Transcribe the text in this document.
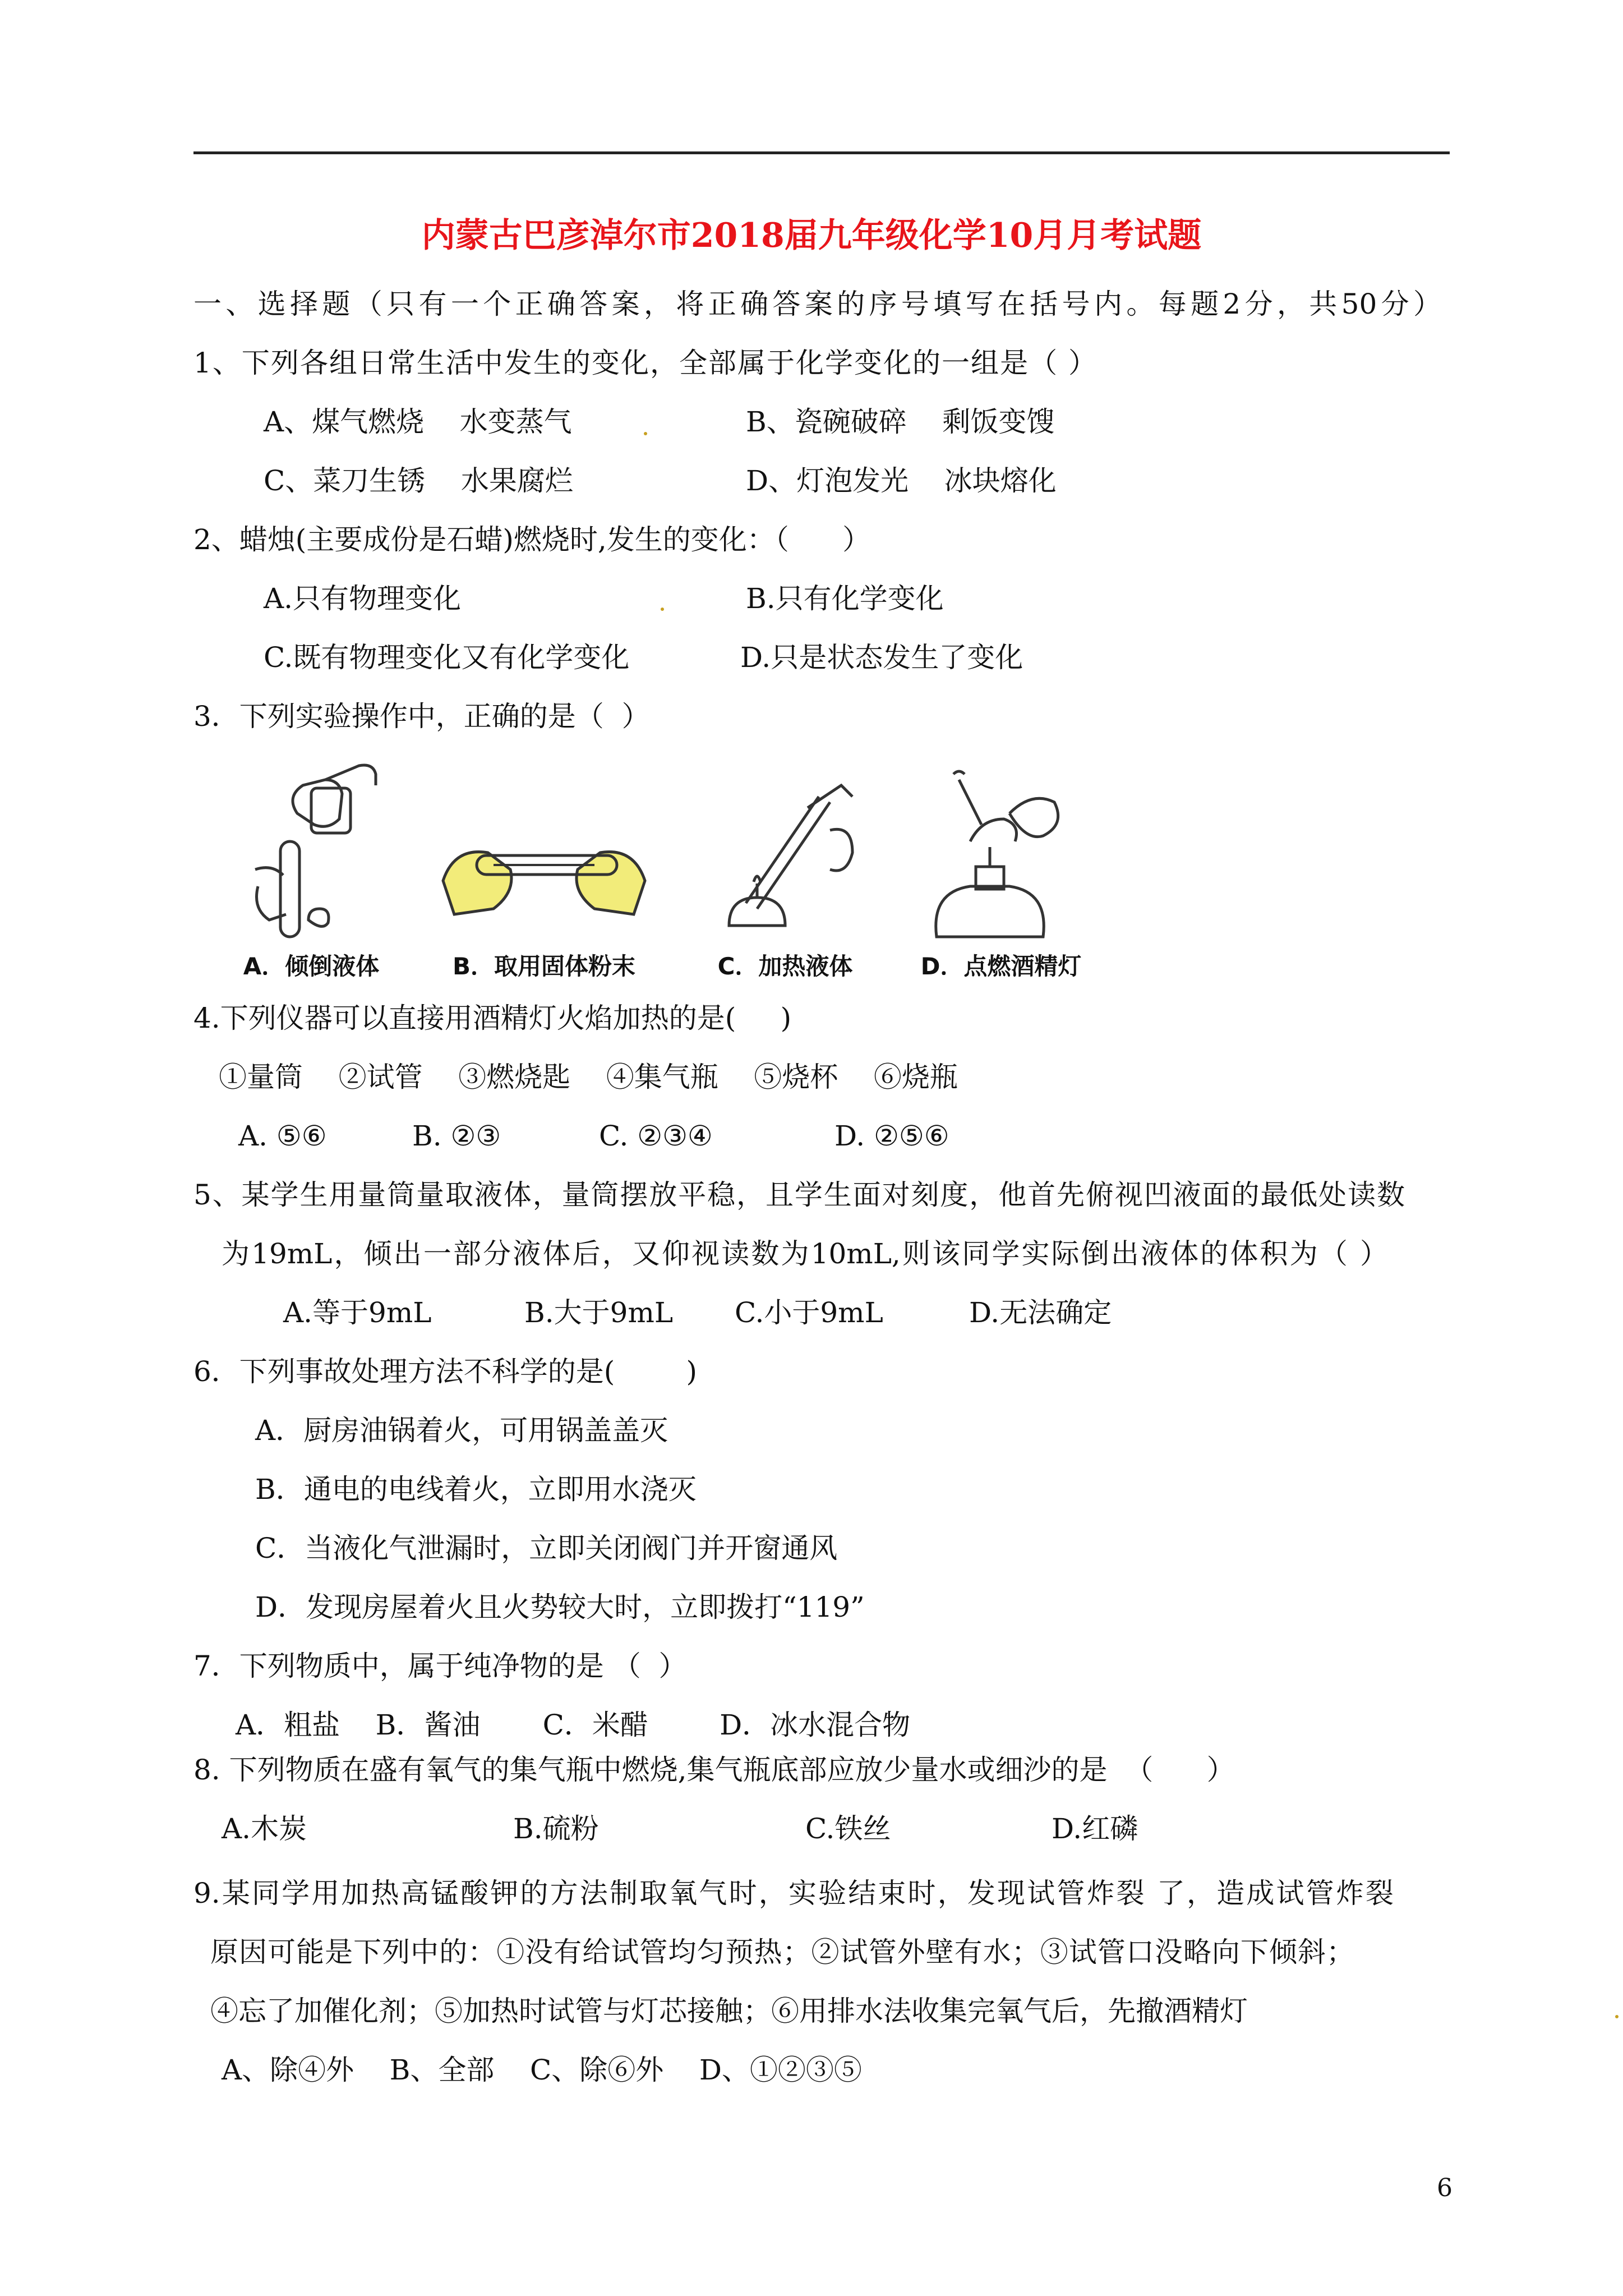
内蒙古巴彦淖尔市2018届九年级化学10月月考试题
一、选择题（只有一个正确答案，将正确答案的序号填写在括号内。每题2分，共50分）
1、下列各组日常生活中发生的变化，全部属于化学变化的一组是（ ）
A、煤气燃烧    水变蒸气	B、瓷碗破碎    剩饭变馊
C、菜刀生锈    水果腐烂	D、灯泡发光    冰块熔化
2、蜡烛(主要成份是石蜡)燃烧时,发生的变化：（      ）
A.只有物理变化	B.只有化学变化
C.既有物理变化又有化学变化	D.只是状态发生了变化
3．下列实验操作中，正确的是（  ）
A．倾倒液体	B．取用固体粉末	C．加热液体	D．点燃酒精灯
4.下列仪器可以直接用酒精灯火焰加热的是(     )
①量筒    ②试管    ③燃烧匙    ④集气瓶    ⑤烧杯    ⑥烧瓶
A. ⑤⑥	B. ②③	C. ②③④	D. ②⑤⑥
5、某学生用量筒量取液体，量筒摆放平稳，且学生面对刻度，他首先俯视凹液面的最低处读数
为19mL，倾出一部分液体后，又仰视读数为10mL,则该同学实际倒出液体的体积为（ ）
A.等于9mL	B.大于9mL C.小于9mL	D.无法确定
6．下列事故处理方法不科学的是(        )
A．厨房油锅着火，可用锅盖盖灭
B．通电的电线着火，立即用水浇灭
C．当液化气泄漏时，立即关闭阀门并开窗通风
D．发现房屋着火且火势较大时，立即拨打“119”
7．下列物质中，属于纯净物的是 （  ）
A．粗盐    B．酱油       C．米醋        D．冰水混合物
8. 下列物质在盛有氧气的集气瓶中燃烧,集气瓶底部应放少量水或细沙的是  （      ）
A.木炭	B.硫粉	C.铁丝	D.红磷
9.某同学用加热高锰酸钾的方法制取氧气时，实验结束时，发现试管炸裂 了，造成试管炸裂
原因可能是下列中的：①没有给试管均匀预热；②试管外壁有水；③试管口没略向下倾斜；
④忘了加催化剂；⑤加热时试管与灯芯接触；⑥用排水法收集完氧气后，先撤酒精灯
A、除④外    B、全部    C、除⑥外    D、①②③⑤
6
